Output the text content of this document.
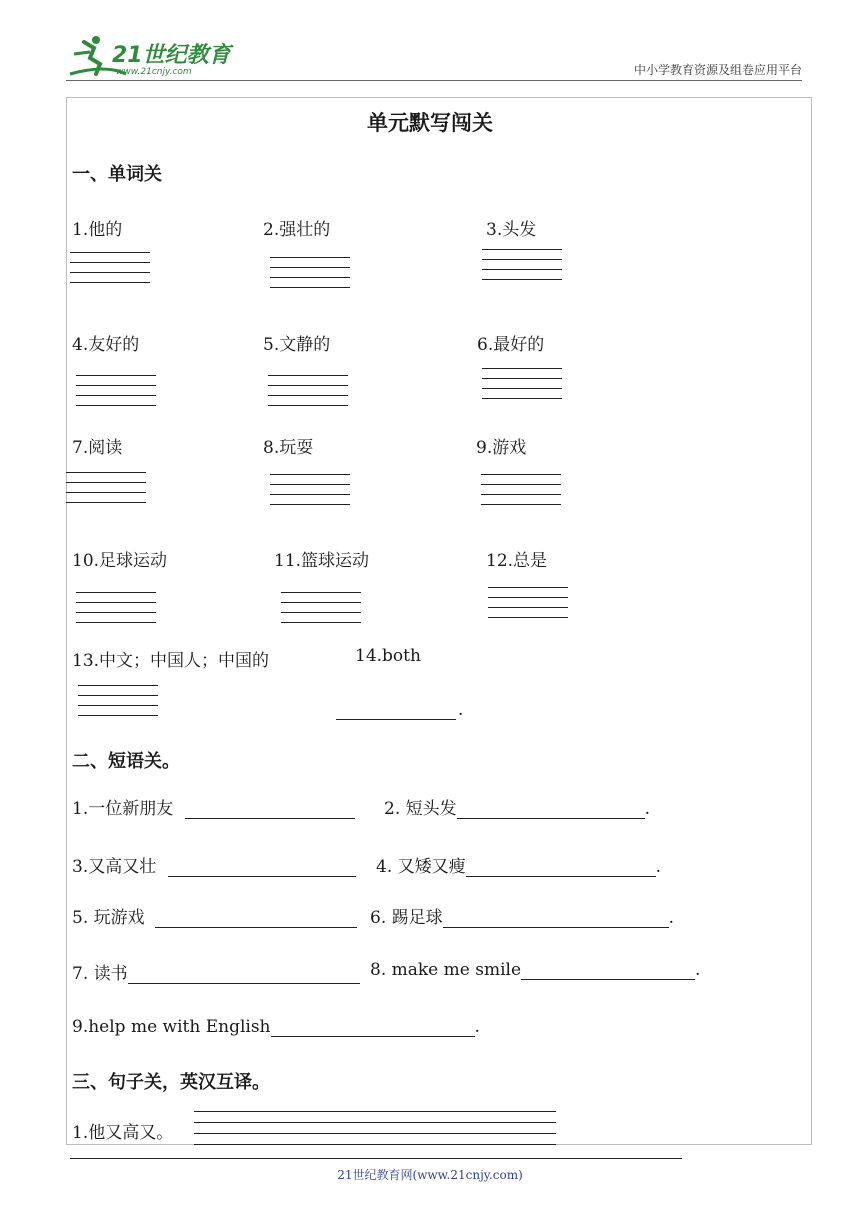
21世纪教育
www.21cnjy.com	中小学教育资源及组卷应用平台
单元默写闯关
一、单词关
1.他的	2.强壮的	3.头发
4.友好的	5.文静的	6.最好的
7.阅读	8.玩耍	9.游戏
10.足球运动	11.篮球运动	12.总是
13.中文；中国人；中国的	14.both
.
二、短语关。
1.一位新朋友	2. 短头发	.
3.又高又壮	4. 又矮又瘦	.
5. 玩游戏	6. 踢足球	.
7. 读书	8. make me smile	.
9.help me with English	.
三、句子关，英汉互译。
1.他又高又。
21世纪教育网(www.21cnjy.com)
